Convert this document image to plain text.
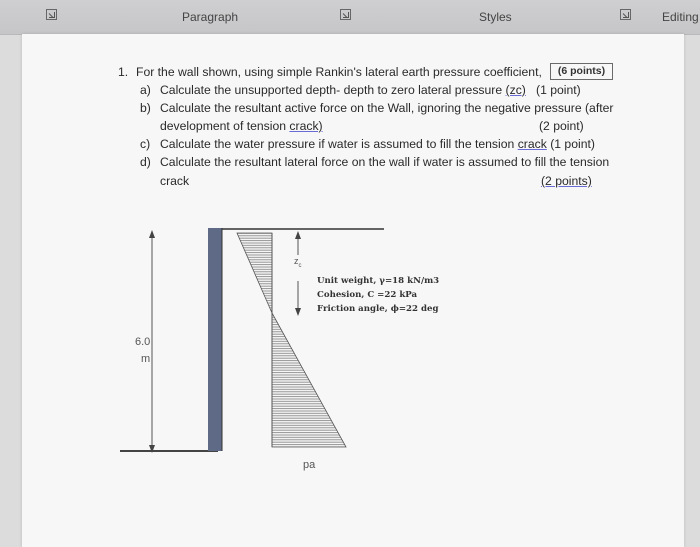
Paragraph	Styles	Editing
1. For the wall shown, using simple Rankin's lateral earth pressure coefficient,	(6 points)
a) Calculate the unsupported depth- depth to zero lateral pressure (zc) (1 point)
b) Calculate the resultant active force on the Wall, ignoring the negative pressure (after
development of tension crack)	(2 point)
c) Calculate the water pressure if water is assumed to fill the tension crack (1 point)
d) Calculate the resultant lateral force on the wall if water is assumed to fill the tension
crack	(2 points)
6.0
m
$z_c$
Unit weight, γ=18 kN/m3
Cohesion, C =22 kPa
Friction angle, ϕ=22 deg
pa
